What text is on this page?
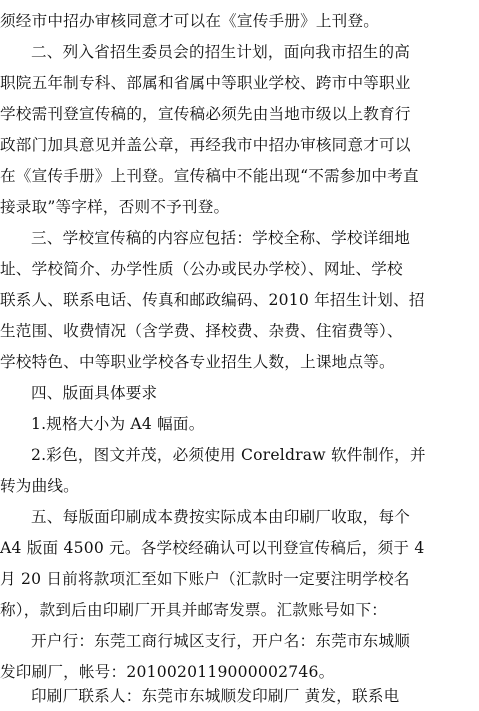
须经市中招办审核同意才可以在《宣传手册》上刊登。
二、列入省招生委员会的招生计划，面向我市招生的高
职院五年制专科、部属和省属中等职业学校、跨市中等职业
学校需刊登宣传稿的，宣传稿必须先由当地市级以上教育行
政部门加具意见并盖公章，再经我市中招办审核同意才可以
在《宣传手册》上刊登。宣传稿中不能出现“不需参加中考直
接录取”等字样，否则不予刊登。
三、学校宣传稿的内容应包括：学校全称、学校详细地
址、学校简介、办学性质（公办或民办学校）、网址、学校
联系人、联系电话、传真和邮政编码、2010 年招生计划、招
生范围、收费情况（含学费、择校费、杂费、住宿费等）、
学校特色、中等职业学校各专业招生人数，上课地点等。
四、版面具体要求
1.规格大小为 A4 幅面。
2.彩色，图文并茂，必须使用 Coreldraw 软件制作，并
转为曲线。
五、每版面印刷成本费按实际成本由印刷厂收取，每个
A4 版面 4500 元。各学校经确认可以刊登宣传稿后，须于 4
月 20 日前将款项汇至如下账户（汇款时一定要注明学校名
称），款到后由印刷厂开具并邮寄发票。汇款账号如下：
开户行：东莞工商行城区支行，开户名：东莞市东城顺
发印刷厂，帐号：2010020119000002746。
印刷厂联系人：东莞市东城顺发印刷厂 黄发，联系电
